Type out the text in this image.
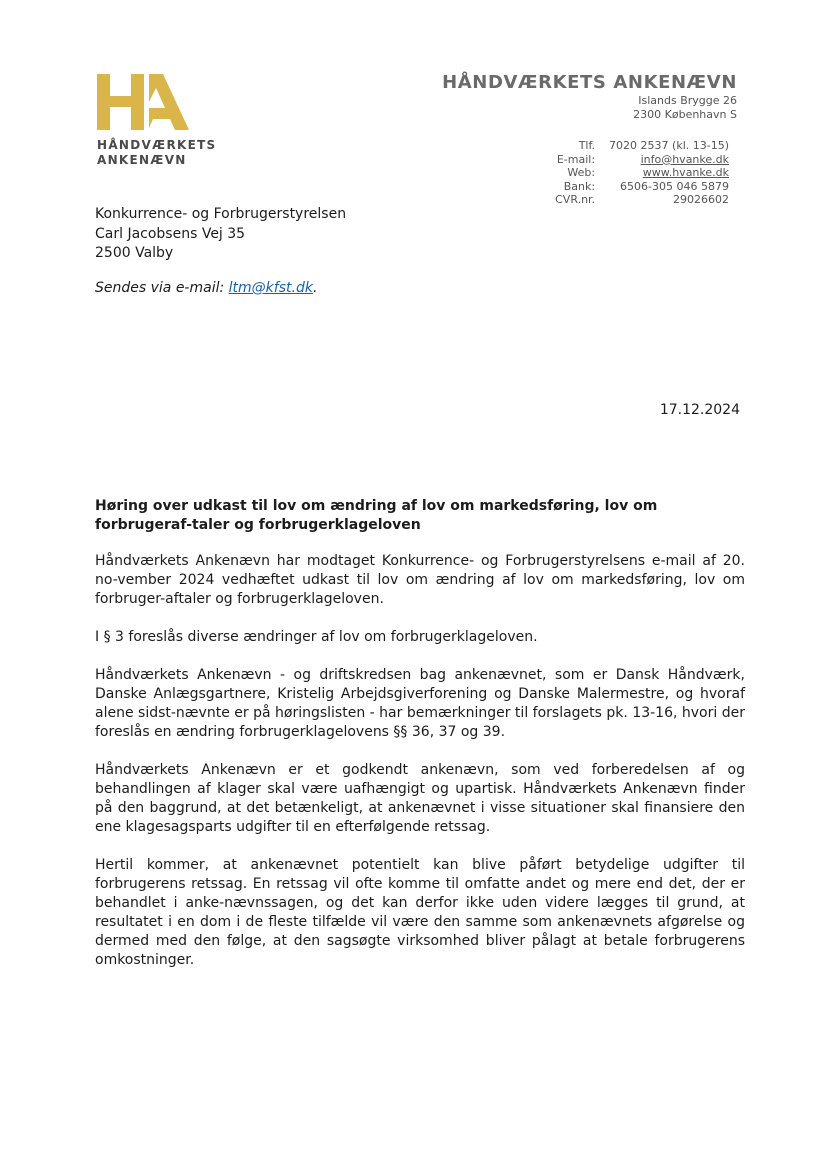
HÅNDVÆRKETS
ANKENÆVN
HÅNDVÆRKETS ANKENÆVN
Islands Brygge 26
2300 København S
Tlf.	7020 2537 (kl. 13-15)
E-mail:	info@hvanke.dk
Web:	www.hvanke.dk
Bank:	6506-305 046 5879
CVR.nr.	29026602
Konkurrence- og Forbrugerstyrelsen
Carl Jacobsens Vej 35
2500 Valby
Sendes via e-mail: ltm@kfst.dk.
17.12.2024
Høring over udkast til lov om ændring af lov om markedsføring, lov om forbrugeraf-taler og forbrugerklageloven

Håndværkets Ankenævn har modtaget Konkurrence- og Forbrugerstyrelsens e-mail af 20. no-vember 2024 vedhæftet udkast til lov om ændring af lov om markedsføring, lov om forbruger-aftaler og forbrugerklageloven.

I § 3 foreslås diverse ændringer af lov om forbrugerklageloven.

Håndværkets Ankenævn - og driftskredsen bag ankenævnet, som er Dansk Håndværk, Danske Anlægsgartnere, Kristelig Arbejdsgiverforening og Danske Malermestre, og hvoraf alene sidst-nævnte er på høringslisten - har bemærkninger til forslagets pk. 13-16, hvori der foreslås en ændring forbrugerklagelovens §§ 36, 37 og 39.

Håndværkets Ankenævn er et godkendt ankenævn, som ved forberedelsen af og behandlingen af klager skal være uafhængigt og upartisk. Håndværkets Ankenævn finder på den baggrund, at det betænkeligt, at ankenævnet i visse situationer skal finansiere den ene klagesagsparts udgifter til en efterfølgende retssag.

Hertil kommer, at ankenævnet potentielt kan blive påført betydelige udgifter til forbrugerens retssag. En retssag vil ofte komme til omfatte andet og mere end det, der er behandlet i anke-nævnssagen, og det kan derfor ikke uden videre lægges til grund, at resultatet i en dom i de fleste tilfælde vil være den samme som ankenævnets afgørelse og dermed med den følge, at den sagsøgte virksomhed bliver pålagt at betale forbrugerens omkostninger.
